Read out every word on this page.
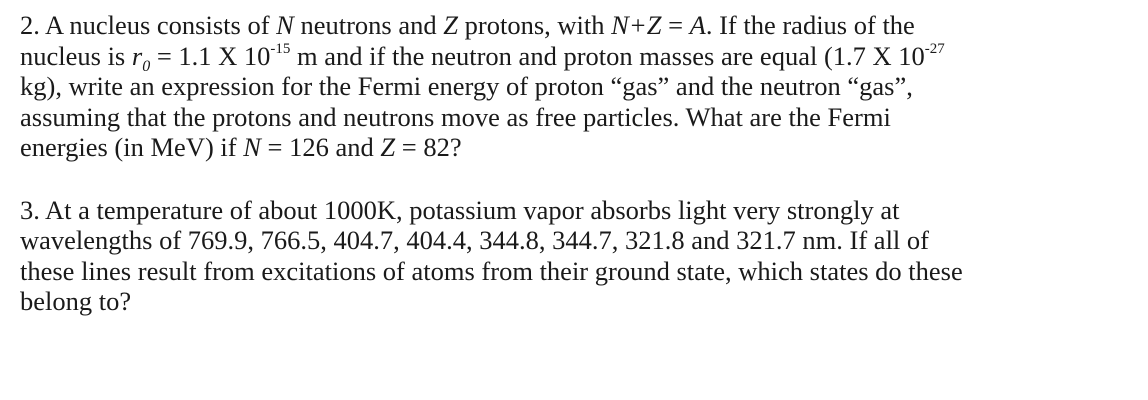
2. A nucleus consists of N neutrons and Z protons, with N+Z = A. If the radius of the
nucleus is $r_0 = 1.1$ X $10^{-15}$ m and if the neutron and proton masses are equal (1.7 X $10^{-27}$
kg), write an expression for the Fermi energy of proton “gas” and the neutron “gas”,
assuming that the protons and neutrons move as free particles. What are the Fermi
energies (in MeV) if N = 126 and Z = 82?

3. At a temperature of about 1000K, potassium vapor absorbs light very strongly at
wavelengths of 769.9, 766.5, 404.7, 404.4, 344.8, 344.7, 321.8 and 321.7 nm. If all of
these lines result from excitations of atoms from their ground state, which states do these
belong to?
